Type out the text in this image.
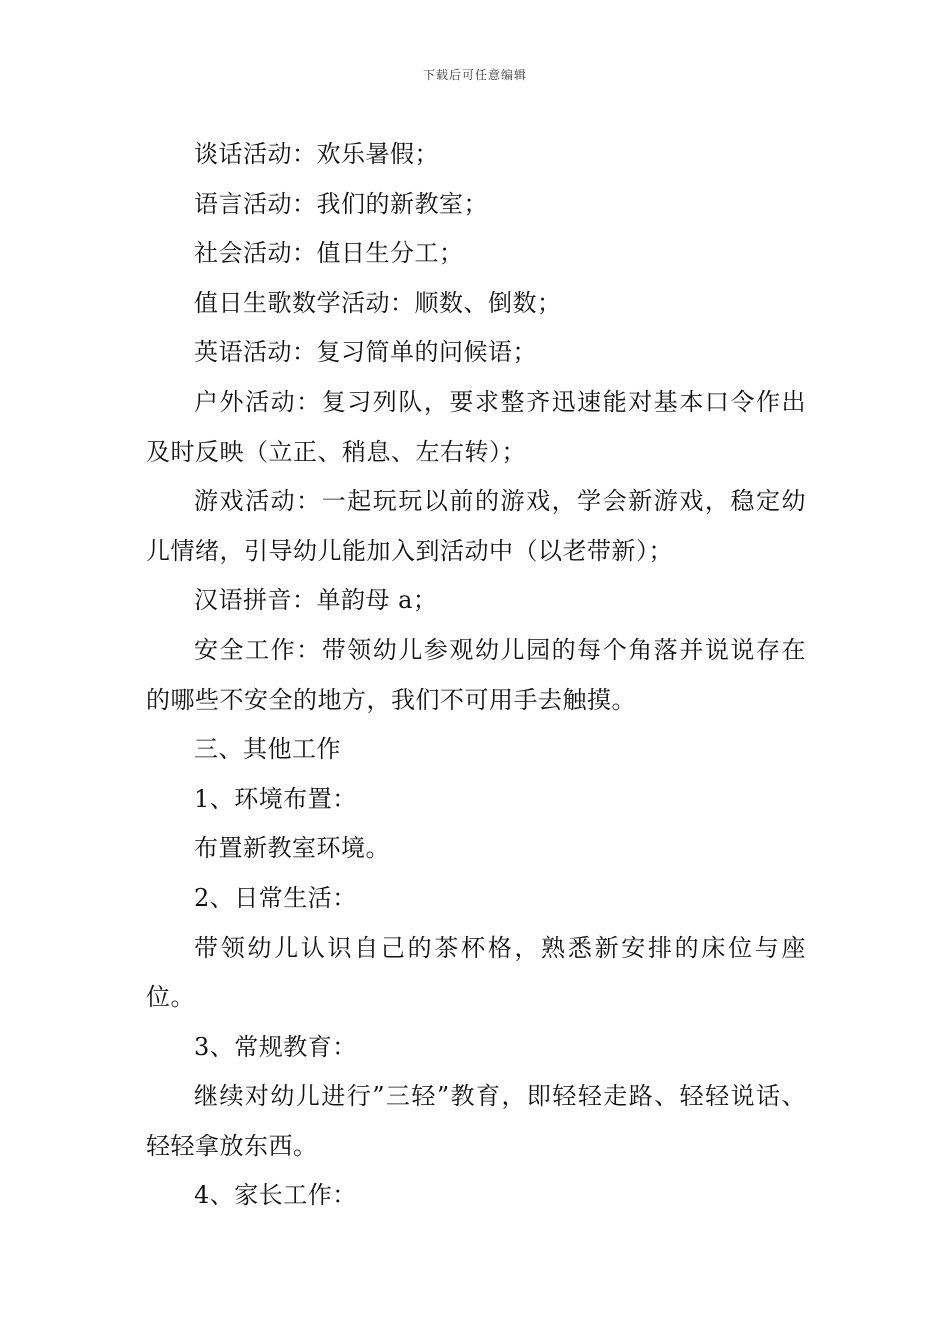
下载后可任意编辑

谈话活动：欢乐暑假；

语言活动：我们的新教室；

社会活动：值日生分工；

值日生歌数学活动：顺数、倒数；

英语活动：复习简单的问候语；

户外活动：复习列队，要求整齐迅速能对基本口令作出及时反映（立正、稍息、左右转）；

游戏活动：一起玩玩以前的游戏，学会新游戏，稳定幼儿情绪，引导幼儿能加入到活动中（以老带新）；

汉语拼音：单韵母 a；

安全工作：带领幼儿参观幼儿园的每个角落并说说存在的哪些不安全的地方，我们不可用手去触摸。

三、其他工作

1、环境布置：

布置新教室环境。

2、日常生活：

带领幼儿认识自己的茶杯格，熟悉新安排的床位与座位。

3、常规教育：

继续对幼儿进行”三轻”教育，即轻轻走路、轻轻说话、轻轻拿放东西。

4、家长工作：
